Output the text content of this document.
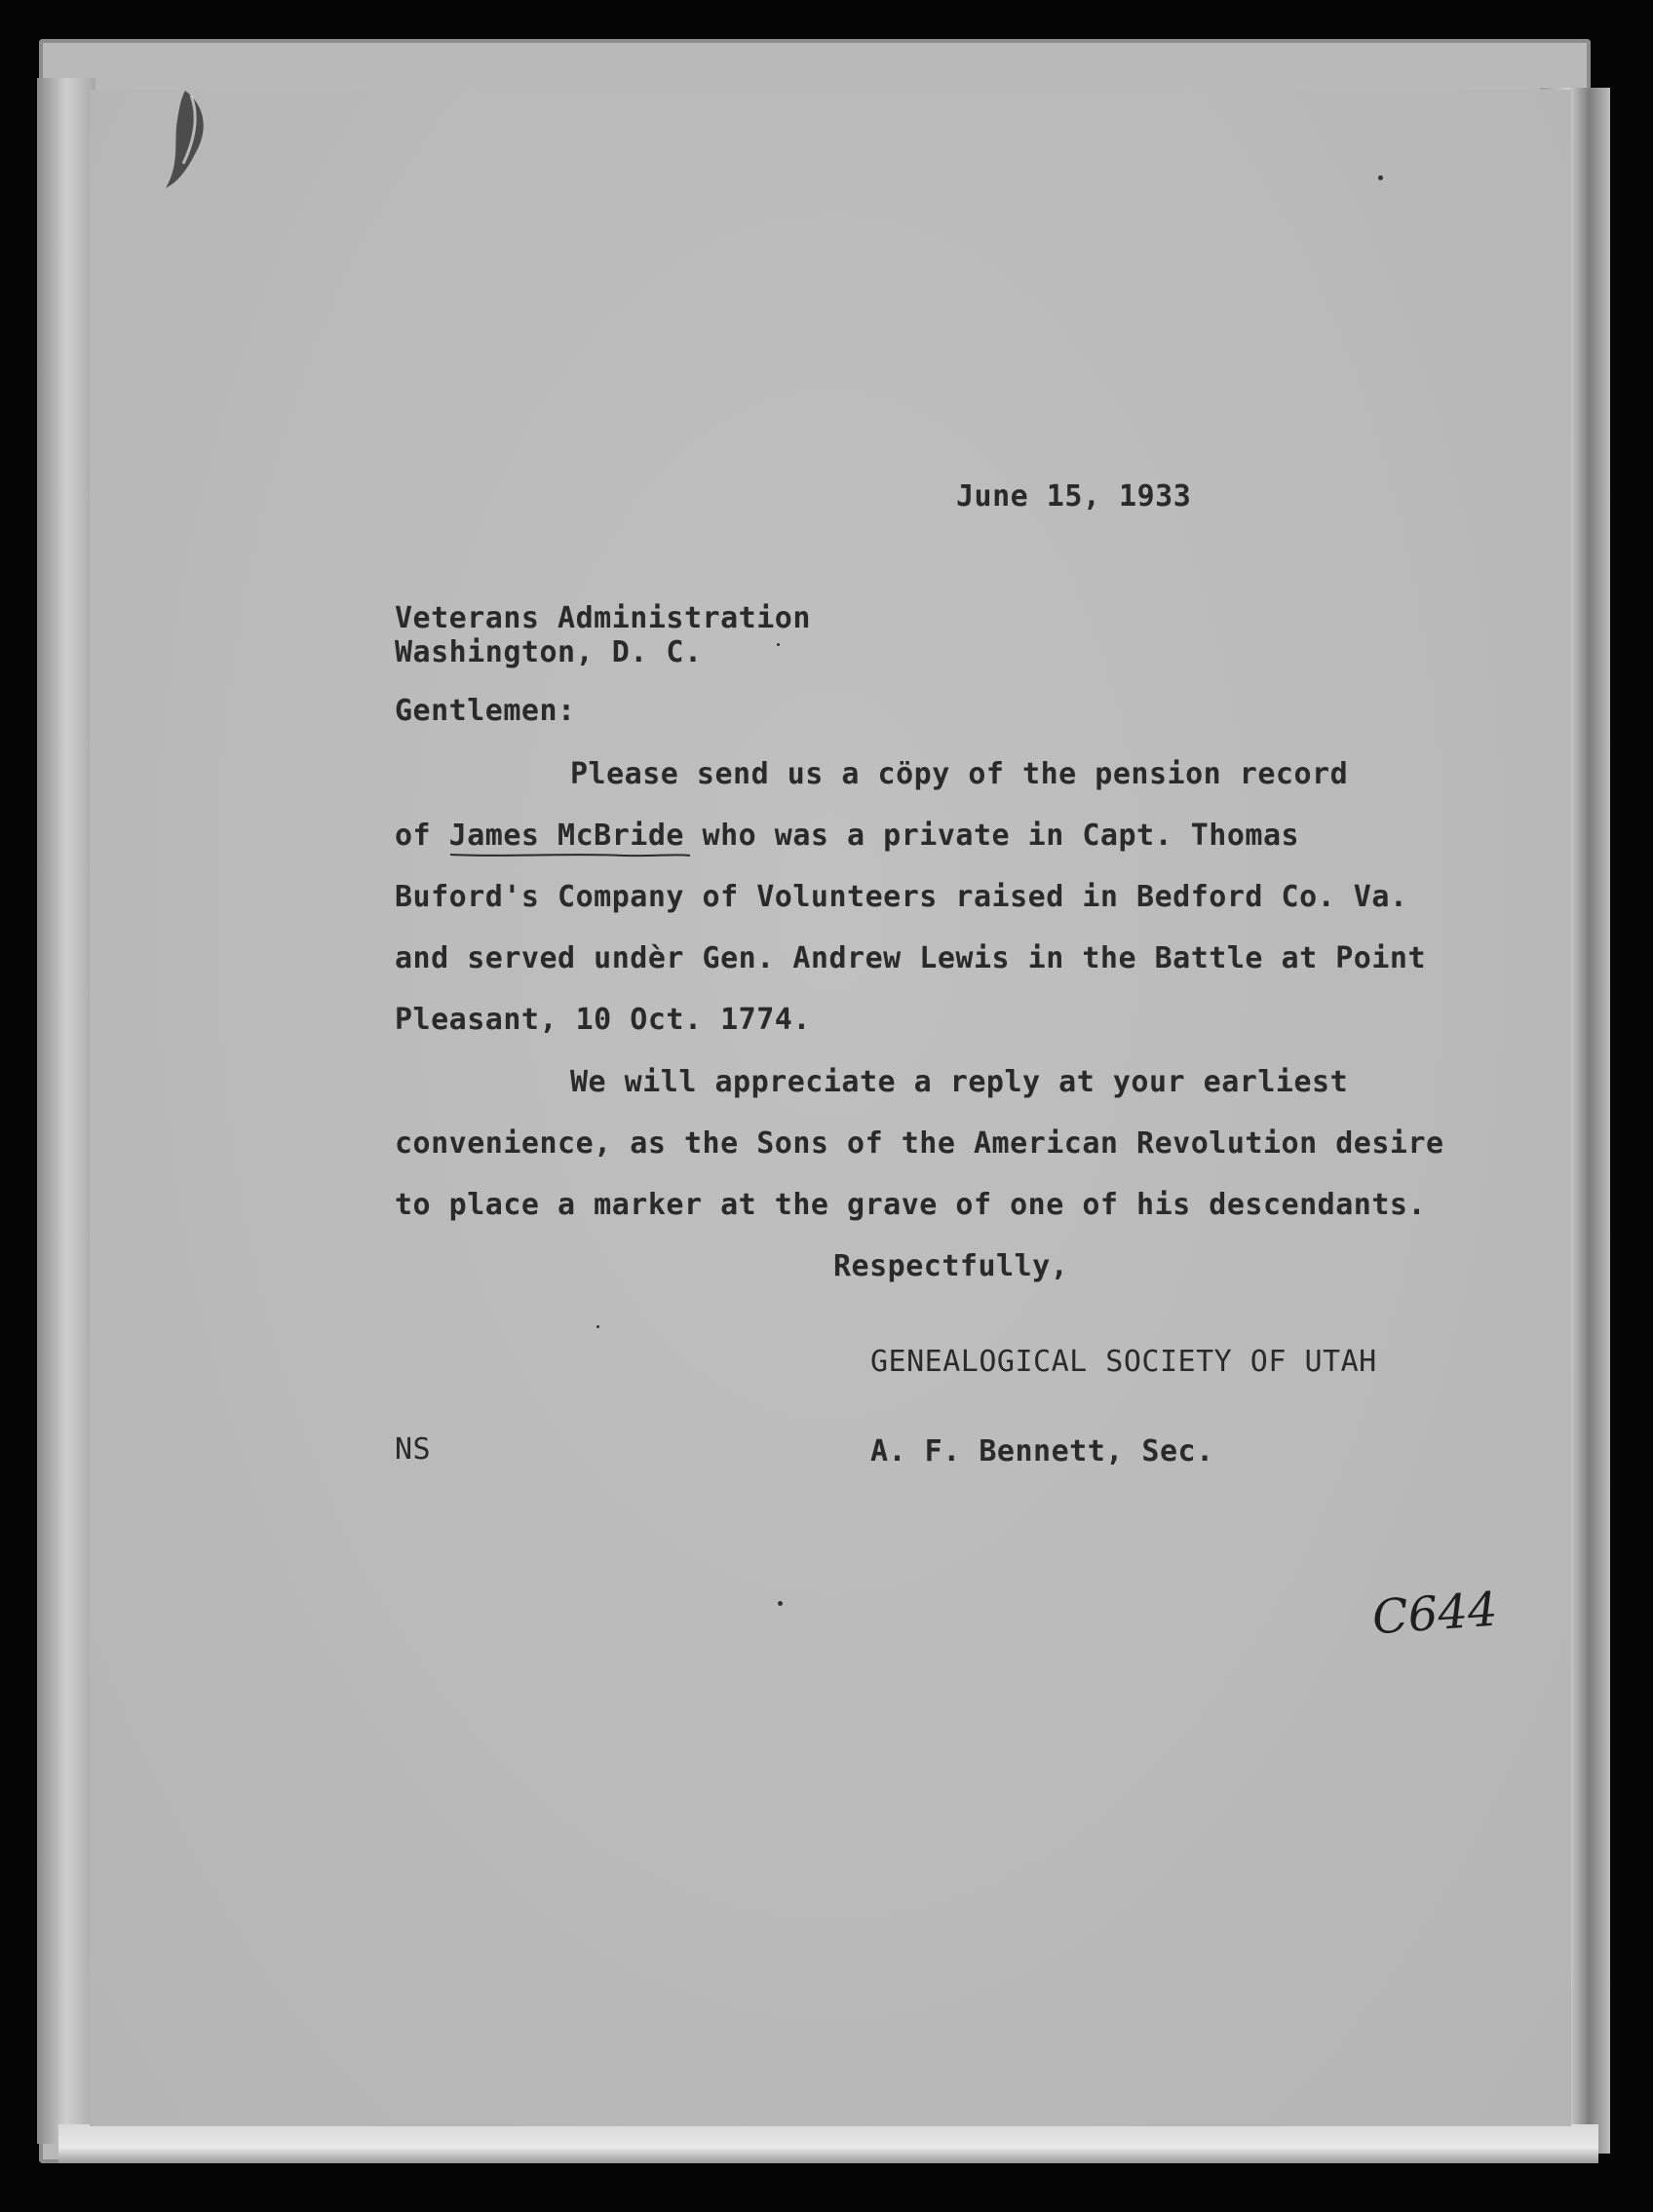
June 15, 1933
Veterans Administration
Washington, D. C.
Gentlemen:
Please send us a cöpy of the pension record
of James McBride who was a private in Capt. Thomas
Buford's Company of Volunteers raised in Bedford Co. Va.
and served undèr Gen. Andrew Lewis in the Battle at Point
Pleasant, 10 Oct. 1774.
We will appreciate a reply at your earliest
convenience, as the Sons of the American Revolution desire
to place a marker at the grave of one of his descendants.
Respectfully,
GENEALOGICAL SOCIETY OF UTAH
NS	A. F. Bennett, Sec.
C644
